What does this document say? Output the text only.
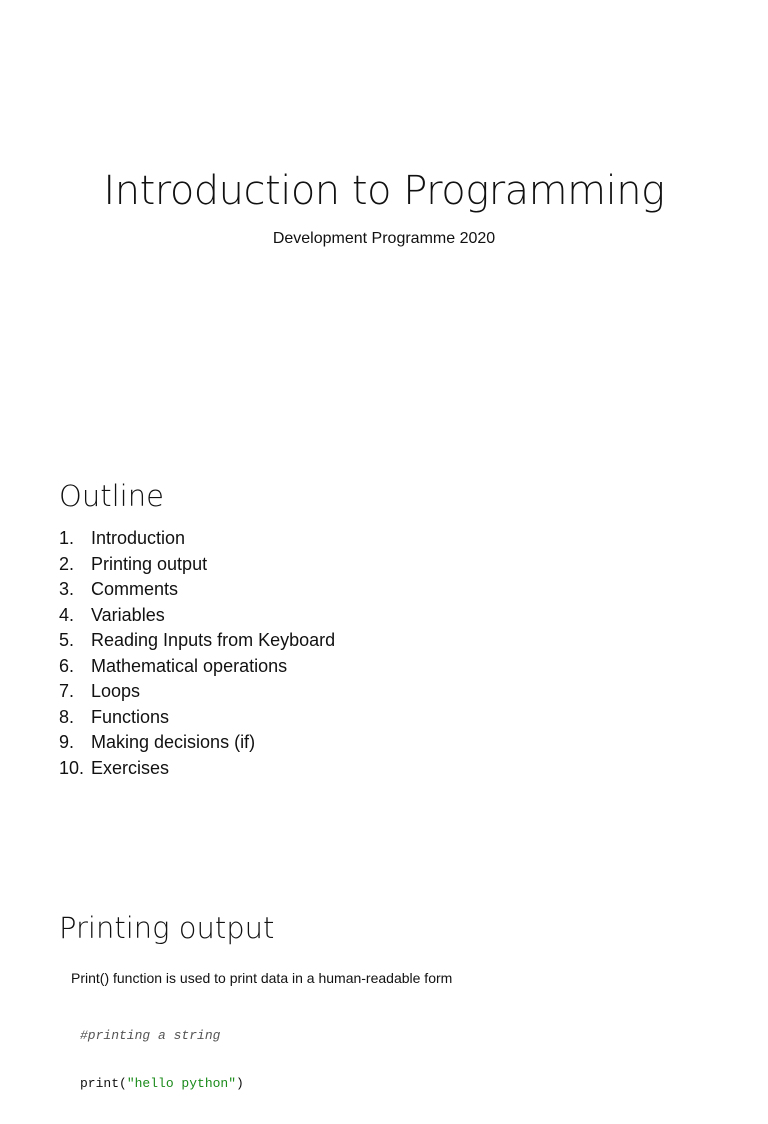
Introduction to Programming

Development Programme 2020

Outline
1. Introduction
2. Printing output
3. Comments
4. Variables
5. Reading Inputs from Keyboard
6. Mathematical operations
7. Loops
8. Functions
9. Making decisions (if)
10. Exercises
Printing output

Print() function is used to print data in a human-readable form

#printing a string

print("hello python")
